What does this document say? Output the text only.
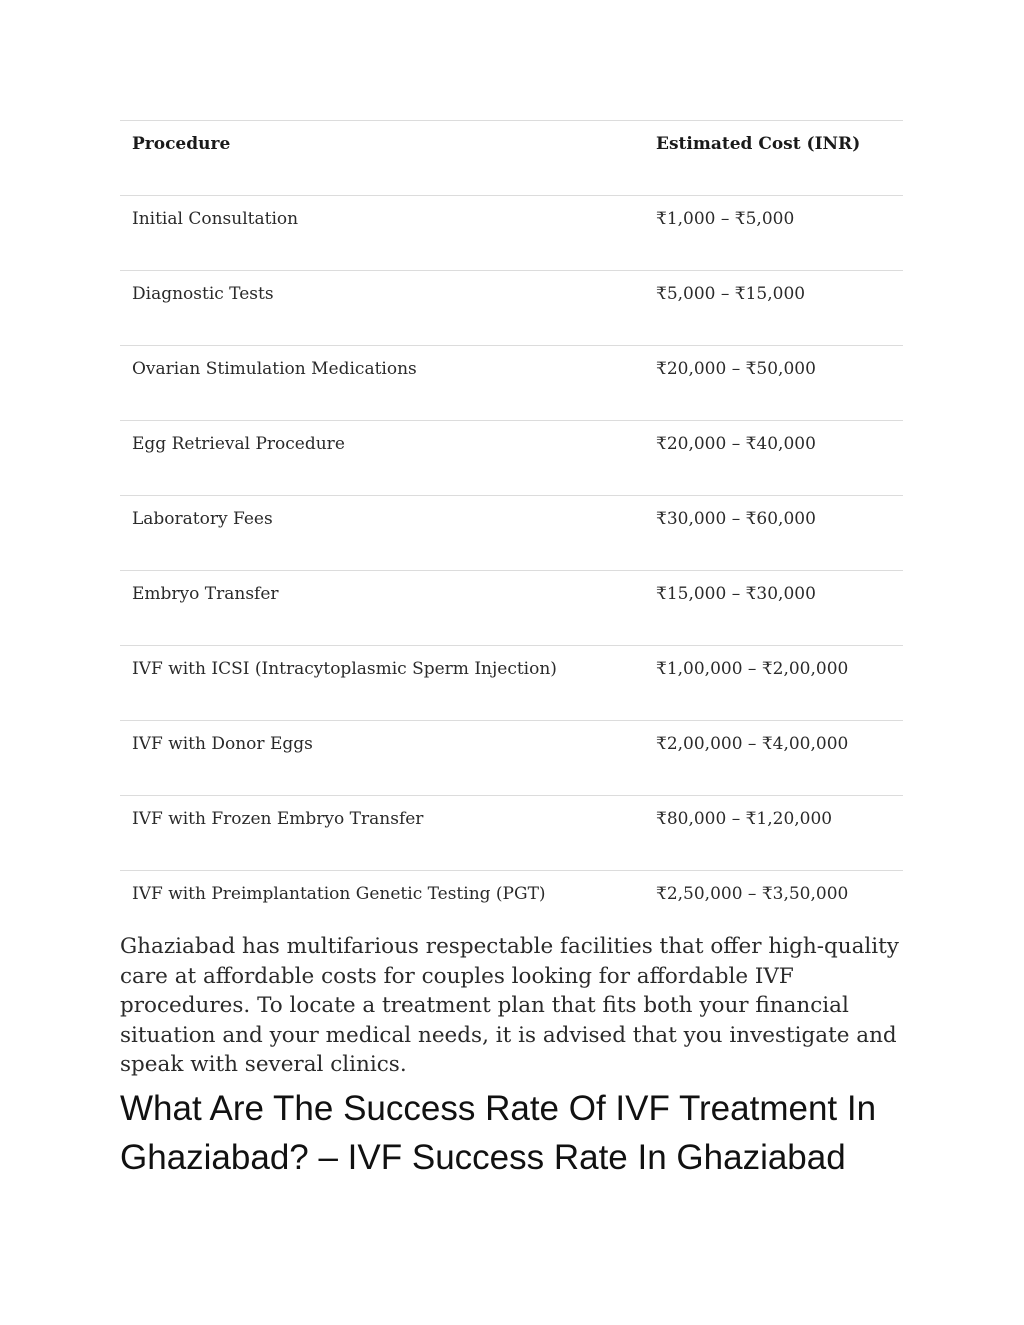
Procedure	Estimated Cost (INR)
Initial Consultation	₹1,000 – ₹5,000
Diagnostic Tests	₹5,000 – ₹15,000
Ovarian Stimulation Medications	₹20,000 – ₹50,000
Egg Retrieval Procedure	₹20,000 – ₹40,000
Laboratory Fees	₹30,000 – ₹60,000
Embryo Transfer	₹15,000 – ₹30,000
IVF with ICSI (Intracytoplasmic Sperm Injection)	₹1,00,000 – ₹2,00,000
IVF with Donor Eggs	₹2,00,000 – ₹4,00,000
IVF with Frozen Embryo Transfer	₹80,000 – ₹1,20,000
IVF with Preimplantation Genetic Testing (PGT)	₹2,50,000 – ₹3,50,000

Ghaziabad has multifarious respectable facilities that offer high-quality care at affordable costs for couples looking for affordable IVF procedures. To locate a treatment plan that fits both your financial situation and your medical needs, it is advised that you investigate and speak with several clinics.

What Are The Success Rate Of IVF Treatment In Ghaziabad? – IVF Success Rate In Ghaziabad
